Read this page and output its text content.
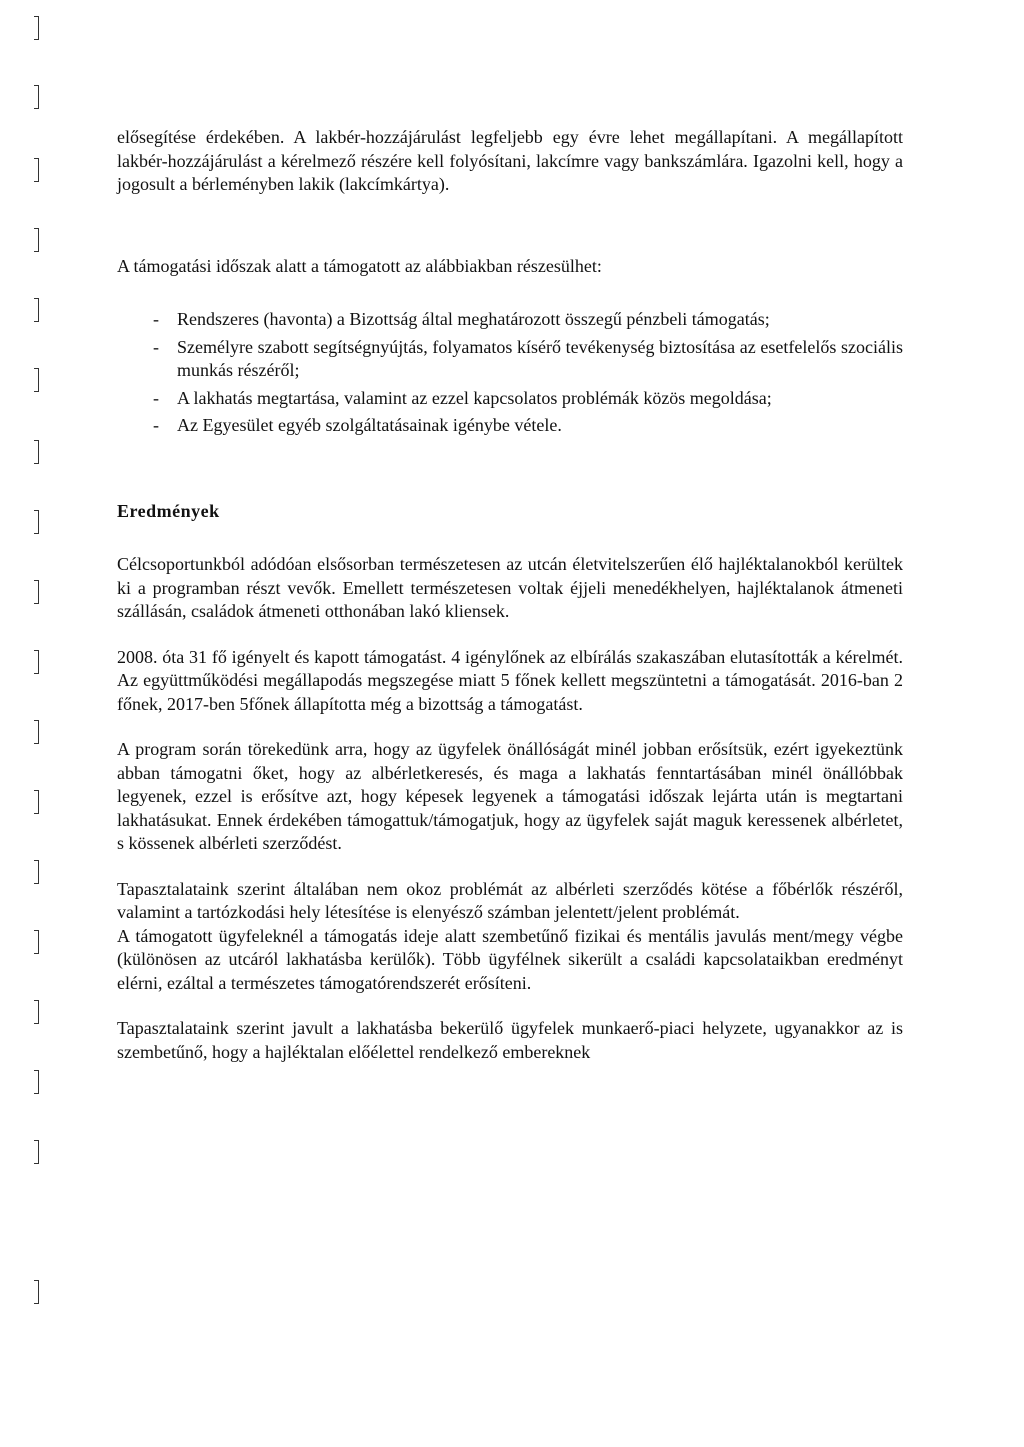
elősegítése érdekében. A lakbér-hozzájárulást legfeljebb egy évre lehet megállapítani. A megállapított lakbér-hozzájárulást a kérelmező részére kell folyósítani, lakcímre vagy bankszámlára. Igazolni kell, hogy a jogosult a bérleményben lakik (lakcímkártya).

A támogatási időszak alatt a támogatott az alábbiakban részesülhet:

- Rendszeres (havonta) a Bizottság által meghatározott összegű pénzbeli támogatás;
- Személyre szabott segítségnyújtás, folyamatos kísérő tevékenység biztosítása az esetfelelős szociális munkás részéről;
- A lakhatás megtartása, valamint az ezzel kapcsolatos problémák közös megoldása;
- Az Egyesület egyéb szolgáltatásainak igénybe vétele.

Eredmények

Célcsoportunkból adódóan elsősorban természetesen az utcán életvitelszerűen élő hajléktalanokból kerültek ki a programban részt vevők. Emellett természetesen voltak éjjeli menedékhelyen, hajléktalanok átmeneti szállásán, családok átmeneti otthonában lakó kliensek.

2008. óta 31 fő igényelt és kapott támogatást. 4 igénylőnek az elbírálás szakaszában elutasították a kérelmét. Az együttműködési megállapodás megszegése miatt 5 főnek kellett megszüntetni a támogatását. 2016-ban 2 főnek, 2017-ben 5főnek állapította még a bizottság a támogatást.

A program során törekedünk arra, hogy az ügyfelek önállóságát minél jobban erősítsük, ezért igyekeztünk abban támogatni őket, hogy az albérletkeresés, és maga a lakhatás fenntartásában minél önállóbbak legyenek, ezzel is erősítve azt, hogy képesek legyenek a támogatási időszak lejárta után is megtartani lakhatásukat. Ennek érdekében támogattuk/támogatjuk, hogy az ügyfelek saját maguk keressenek albérletet, s kössenek albérleti szerződést.

Tapasztalataink szerint általában nem okoz problémát az albérleti szerződés kötése a főbérlők részéről, valamint a tartózkodási hely létesítése is elenyésző számban jelentett/jelent problémát.

A támogatott ügyfeleknél a támogatás ideje alatt szembetűnő fizikai és mentális javulás ment/megy végbe (különösen az utcáról lakhatásba kerülők). Több ügyfélnek sikerült a családi kapcsolataikban eredményt elérni, ezáltal a természetes támogatórendszerét erősíteni.

Tapasztalataink szerint javult a lakhatásba bekerülő ügyfelek munkaerő-piaci helyzete, ugyanakkor az is szembetűnő, hogy a hajléktalan előélettel rendelkező embereknek
